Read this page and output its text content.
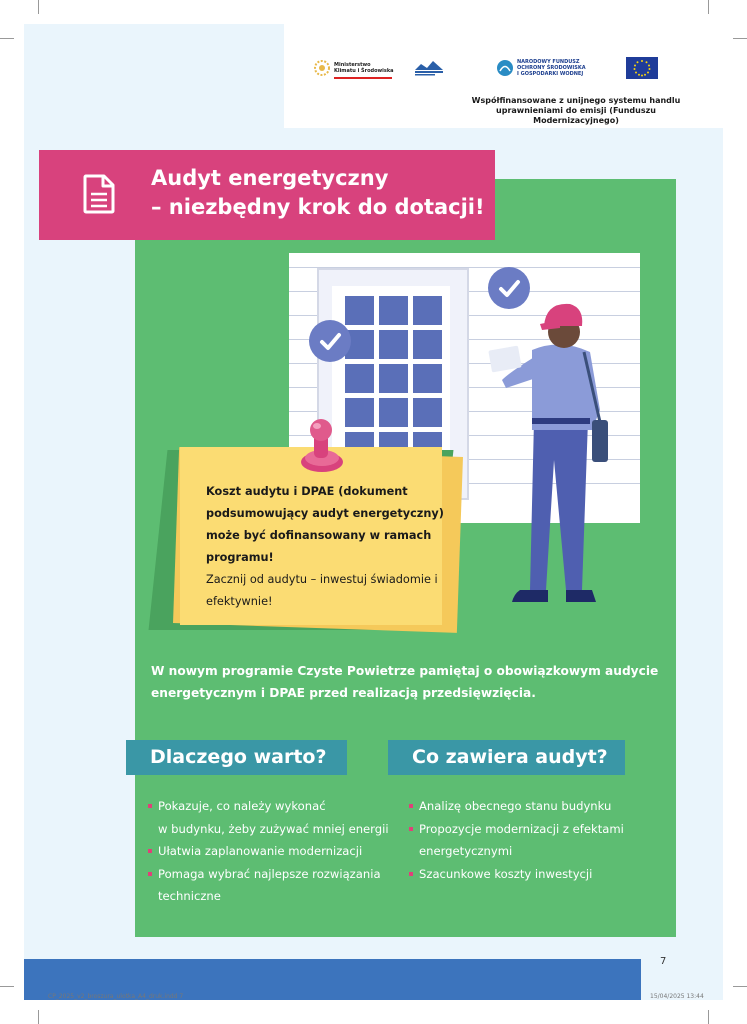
Ministerstwo
Klimatu i Środowiska
NARODOWY FUNDUSZ
OCHRONY ŚRODOWISKA
I GOSPODARKI WODNEJ
Współfinansowane z unijnego systemu handlu uprawnieniami do emisji (Funduszu Modernizacyjnego)
Audyt energetyczny
– niezbędny krok do dotacji!
Koszt audytu i DPAE (dokument podsumowujący audyt energetyczny) może być dofinansowany w ramach programu!
Zacznij od audytu – inwestuj świadomie i efektywnie!
W nowym programie Czyste Powietrze pamiętaj o obowiązkowym audycie energetycznym i DPAE przed realizacją przedsięwzięcia.
Dlaczego warto?	Co zawiera audyt?
Pokazuje, co należy wykonać
w budynku, żeby zużywać mniej energii
Ułatwia zaplanowanie modernizacji
Pomaga wybrać najlepsze rozwiązania
techniczne
Analizę obecnego stanu budynku
Propozycje modernizacji z efektami
energetycznymi
Szacunkowe koszty inwestycji
7
CP_2025_v2_broszura_ulotka_A4_druk.indd 7	15/04/2025 13:44
